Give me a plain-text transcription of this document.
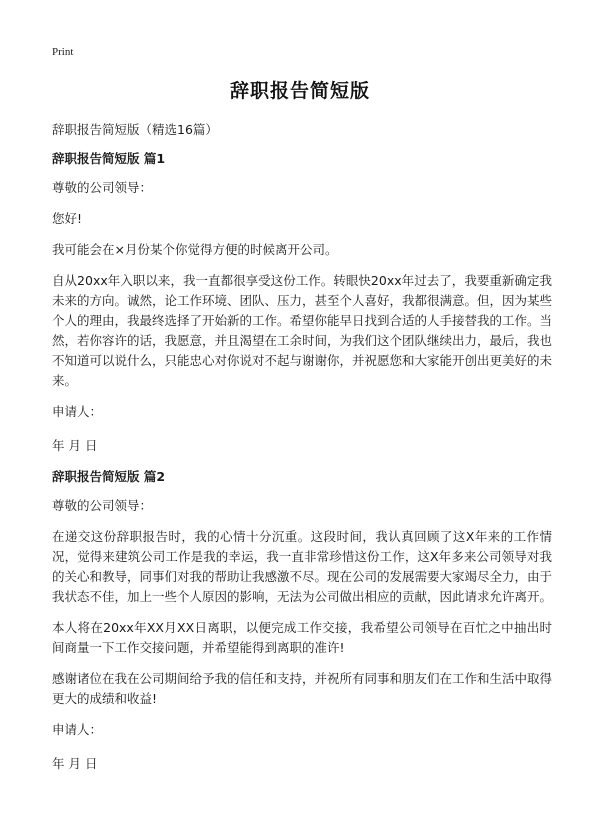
Print
辞职报告简短版

辞职报告简短版（精选16篇）

辞职报告简短版 篇1

尊敬的公司领导：

您好!

我可能会在×月份某个你觉得方便的时候离开公司。

自从20xx年入职以来，我一直都很享受这份工作。转眼快20xx年过去了，我要重新确定我未来的方向。诚然，论工作环境、团队、压力，甚至个人喜好，我都很满意。但，因为某些个人的理由，我最终选择了开始新的工作。希望你能早日找到合适的人手接替我的工作。当然，若你容许的话，我愿意，并且渴望在工余时间，为我们这个团队继续出力，最后，我也不知道可以说什么，只能忠心对你说对不起与谢谢你，并祝愿您和大家能开创出更美好的未来。

申请人：

年 月 日

辞职报告简短版 篇2

尊敬的公司领导：

在递交这份辞职报告时，我的心情十分沉重。这段时间，我认真回顾了这X年来的工作情况，觉得来建筑公司工作是我的幸运，我一直非常珍惜这份工作，这X年多来公司领导对我的关心和教导，同事们对我的帮助让我感激不尽。现在公司的发展需要大家竭尽全力，由于我状态不佳，加上一些个人原因的影响，无法为公司做出相应的贡献，因此请求允许离开。

本人将在20xx年XX月XX日离职，以便完成工作交接，我希望公司领导在百忙之中抽出时间商量一下工作交接问题，并希望能得到离职的准许!

感谢诸位在我在公司期间给予我的信任和支持，并祝所有同事和朋友们在工作和生活中取得更大的成绩和收益!

申请人：

年 月 日
